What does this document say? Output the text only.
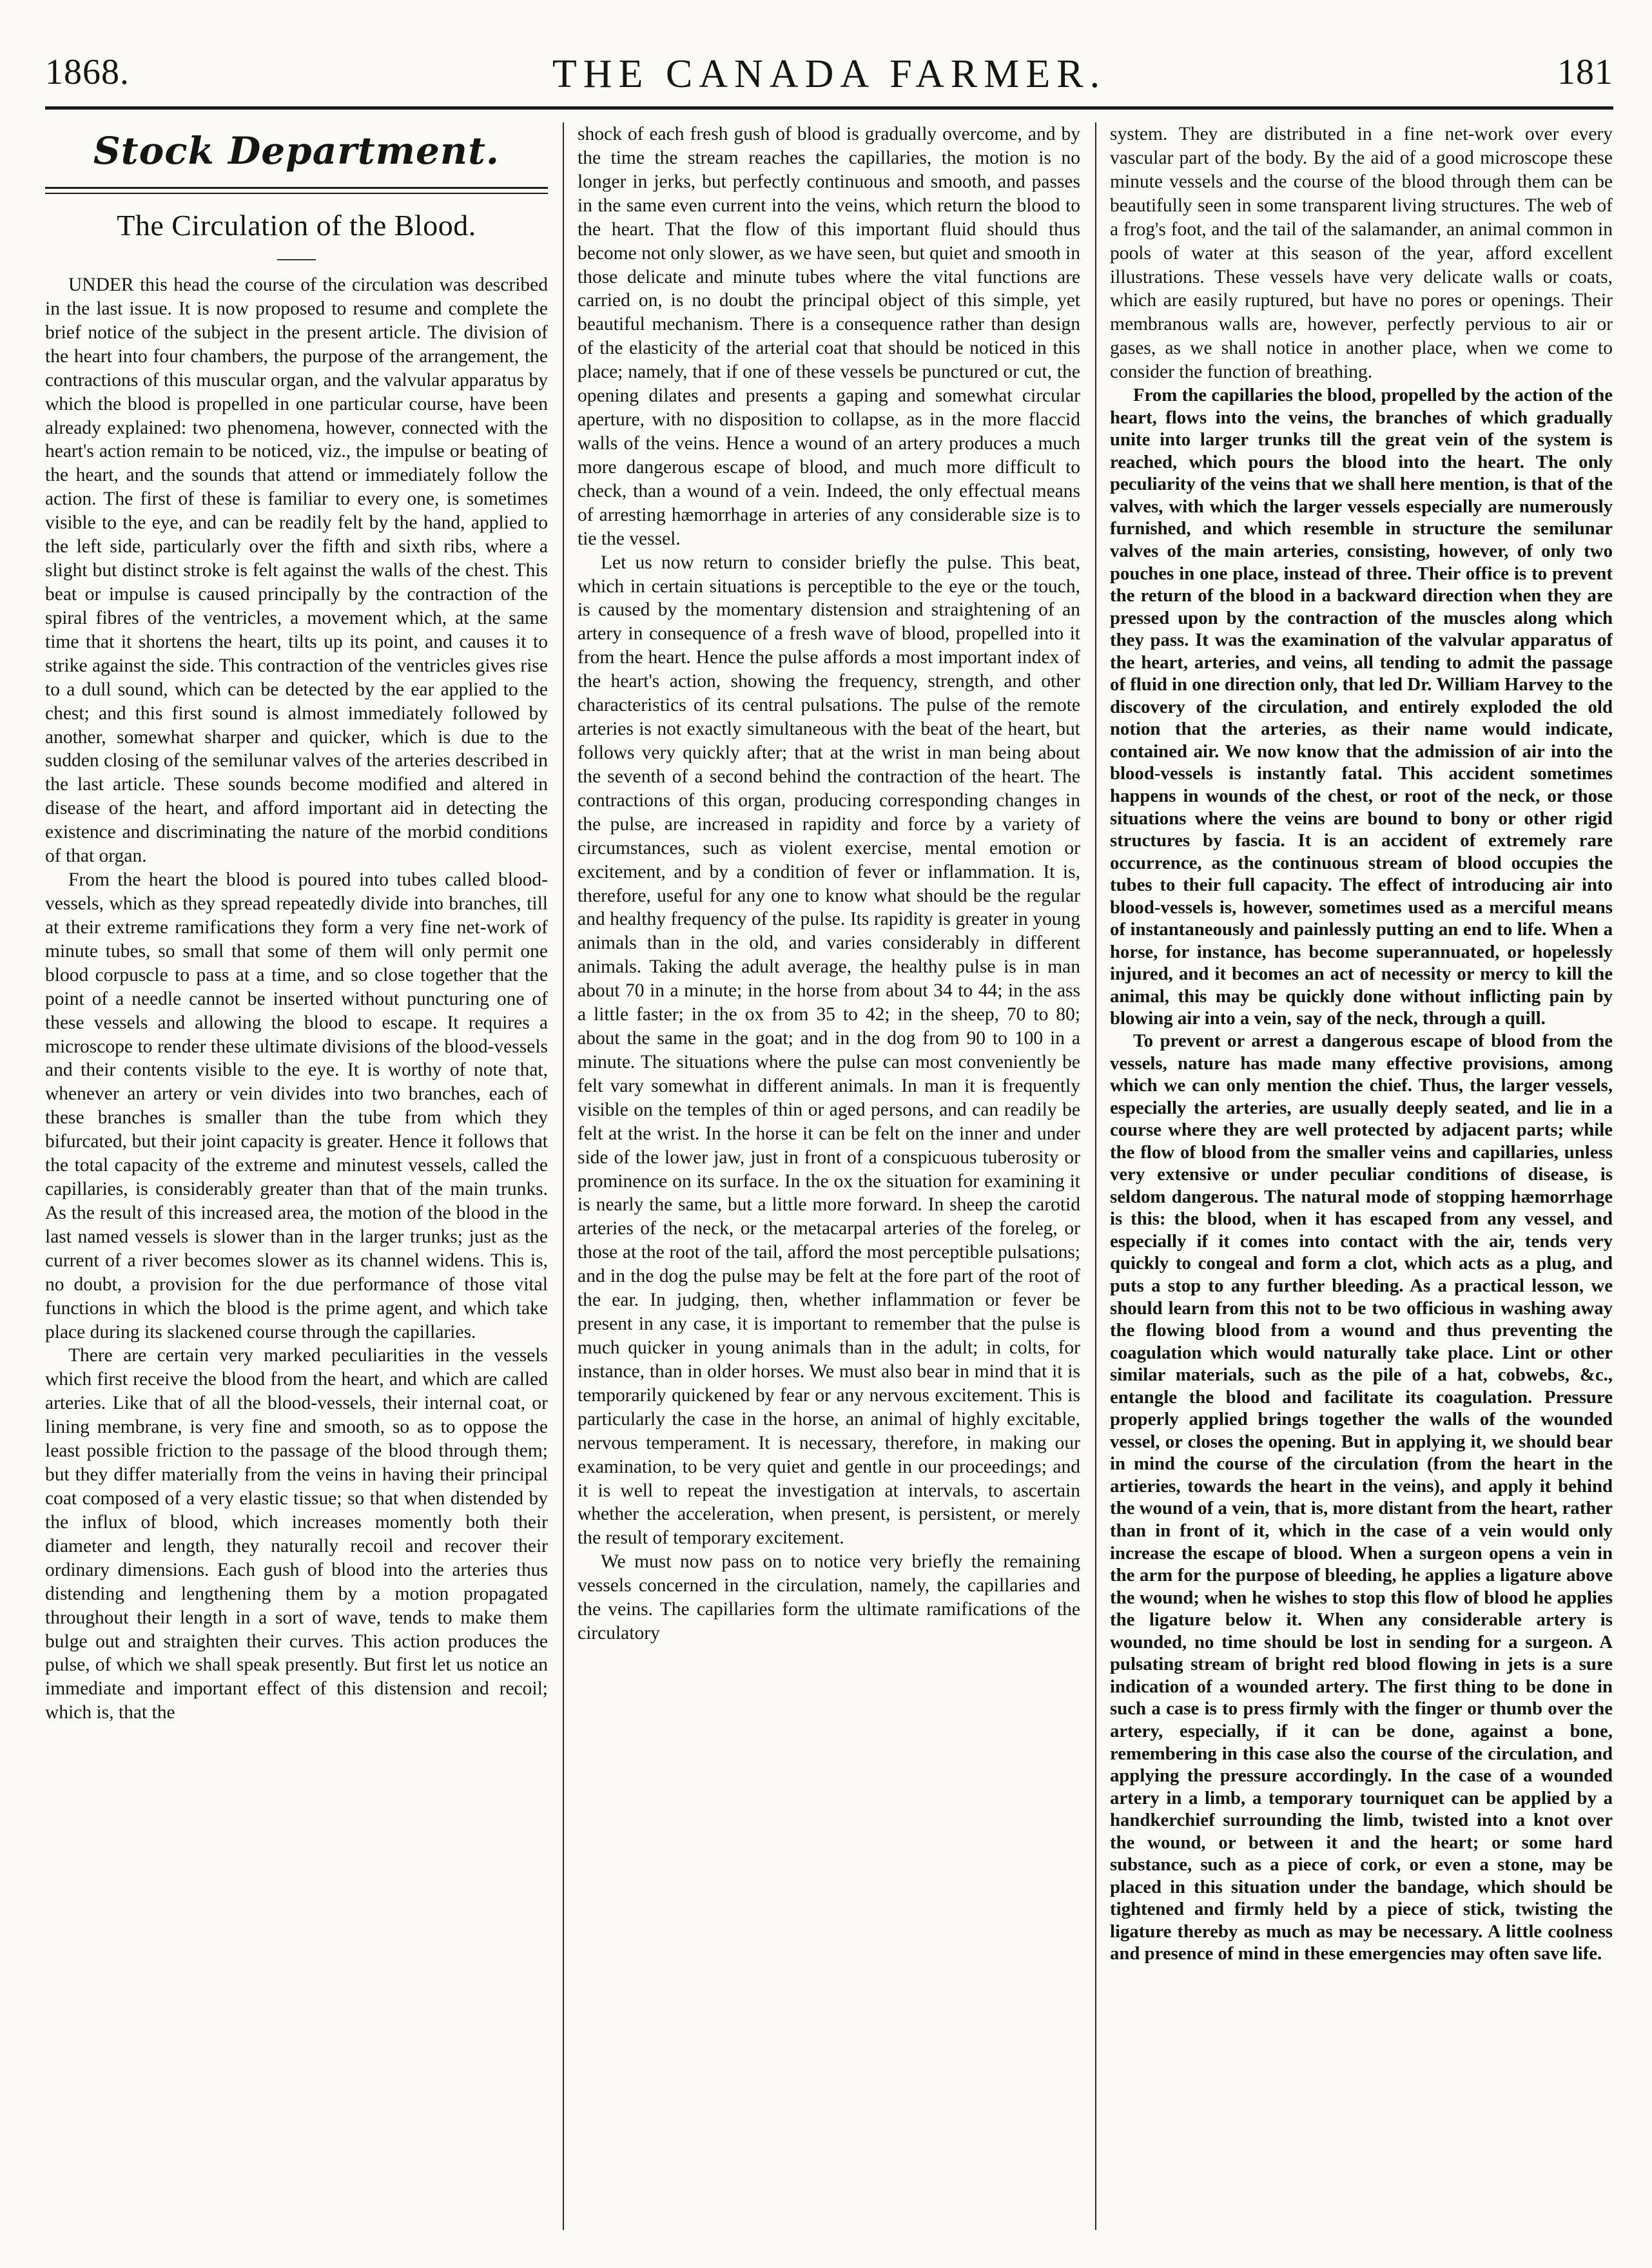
1868.	THE CANADA FARMER.	181
Stock Department.
The Circulation of the Blood.

UNDER this head the course of the circulation was described in the last issue. It is now proposed to resume and complete the brief notice of the subject in the present article. The division of the heart into four chambers, the purpose of the arrangement, the contractions of this muscular organ, and the valvular apparatus by which the blood is propelled in one particular course, have been already explained: two phenomena, however, connected with the heart's action remain to be noticed, viz., the impulse or beating of the heart, and the sounds that attend or immediately follow the action. The first of these is familiar to every one, is sometimes visible to the eye, and can be readily felt by the hand, applied to the left side, particularly over the fifth and sixth ribs, where a slight but distinct stroke is felt against the walls of the chest. This beat or impulse is caused principally by the contraction of the spiral fibres of the ventricles, a movement which, at the same time that it shortens the heart, tilts up its point, and causes it to strike against the side. This contraction of the ventricles gives rise to a dull sound, which can be detected by the ear applied to the chest; and this first sound is almost immediately followed by another, somewhat sharper and quicker, which is due to the sudden closing of the semilunar valves of the arteries described in the last article. These sounds become modified and altered in disease of the heart, and afford important aid in detecting the existence and discriminating the nature of the morbid conditions of that organ.

From the heart the blood is poured into tubes called blood-vessels, which as they spread repeatedly divide into branches, till at their extreme ramifications they form a very fine net-work of minute tubes, so small that some of them will only permit one blood corpuscle to pass at a time, and so close together that the point of a needle cannot be inserted without puncturing one of these vessels and allowing the blood to escape. It requires a microscope to render these ultimate divisions of the blood-vessels and their contents visible to the eye. It is worthy of note that, whenever an artery or vein divides into two branches, each of these branches is smaller than the tube from which they bifurcated, but their joint capacity is greater. Hence it follows that the total capacity of the extreme and minutest vessels, called the capillaries, is considerably greater than that of the main trunks. As the result of this increased area, the motion of the blood in the last named vessels is slower than in the larger trunks; just as the current of a river becomes slower as its channel widens. This is, no doubt, a provision for the due performance of those vital functions in which the blood is the prime agent, and which take place during its slackened course through the capillaries.

There are certain very marked peculiarities in the vessels which first receive the blood from the heart, and which are called arteries. Like that of all the blood-vessels, their internal coat, or lining membrane, is very fine and smooth, so as to oppose the least possible friction to the passage of the blood through them; but they differ materially from the veins in having their principal coat composed of a very elastic tissue; so that when distended by the influx of blood, which increases momently both their diameter and length, they naturally recoil and recover their ordinary dimensions. Each gush of blood into the arteries thus distending and lengthening them by a motion propagated throughout their length in a sort of wave, tends to make them bulge out and straighten their curves. This action produces the pulse, of which we shall speak presently. But first let us notice an immediate and important effect of this distension and recoil; which is, that the

shock of each fresh gush of blood is gradually overcome, and by the time the stream reaches the capillaries, the motion is no longer in jerks, but perfectly continuous and smooth, and passes in the same even current into the veins, which return the blood to the heart. That the flow of this important fluid should thus become not only slower, as we have seen, but quiet and smooth in those delicate and minute tubes where the vital functions are carried on, is no doubt the principal object of this simple, yet beautiful mechanism. There is a consequence rather than design of the elasticity of the arterial coat that should be noticed in this place; namely, that if one of these vessels be punctured or cut, the opening dilates and presents a gaping and somewhat circular aperture, with no disposition to collapse, as in the more flaccid walls of the veins. Hence a wound of an artery produces a much more dangerous escape of blood, and much more difficult to check, than a wound of a vein. Indeed, the only effectual means of arresting hæmorrhage in arteries of any considerable size is to tie the vessel.

Let us now return to consider briefly the pulse. This beat, which in certain situations is perceptible to the eye or the touch, is caused by the momentary distension and straightening of an artery in consequence of a fresh wave of blood, propelled into it from the heart. Hence the pulse affords a most important index of the heart's action, showing the frequency, strength, and other characteristics of its central pulsations. The pulse of the remote arteries is not exactly simultaneous with the beat of the heart, but follows very quickly after; that at the wrist in man being about the seventh of a second behind the contraction of the heart. The contractions of this organ, producing corresponding changes in the pulse, are increased in rapidity and force by a variety of circumstances, such as violent exercise, mental emotion or excitement, and by a condition of fever or inflammation. It is, therefore, useful for any one to know what should be the regular and healthy frequency of the pulse. Its rapidity is greater in young animals than in the old, and varies considerably in different animals. Taking the adult average, the healthy pulse is in man about 70 in a minute; in the horse from about 34 to 44; in the ass a little faster; in the ox from 35 to 42; in the sheep, 70 to 80; about the same in the goat; and in the dog from 90 to 100 in a minute. The situations where the pulse can most conveniently be felt vary somewhat in different animals. In man it is frequently visible on the temples of thin or aged persons, and can readily be felt at the wrist. In the horse it can be felt on the inner and under side of the lower jaw, just in front of a conspicuous tuberosity or prominence on its surface. In the ox the situation for examining it is nearly the same, but a little more forward. In sheep the carotid arteries of the neck, or the metacarpal arteries of the foreleg, or those at the root of the tail, afford the most perceptible pulsations; and in the dog the pulse may be felt at the fore part of the root of the ear. In judging, then, whether inflammation or fever be present in any case, it is important to remember that the pulse is much quicker in young animals than in the adult; in colts, for instance, than in older horses. We must also bear in mind that it is temporarily quickened by fear or any nervous excitement. This is particularly the case in the horse, an animal of highly excitable, nervous temperament. It is necessary, therefore, in making our examination, to be very quiet and gentle in our proceedings; and it is well to repeat the investigation at intervals, to ascertain whether the acceleration, when present, is persistent, or merely the result of temporary excitement.

We must now pass on to notice very briefly the remaining vessels concerned in the circulation, namely, the capillaries and the veins. The capillaries form the ultimate ramifications of the circulatory

system. They are distributed in a fine net-work over every vascular part of the body. By the aid of a good microscope these minute vessels and the course of the blood through them can be beautifully seen in some transparent living structures. The web of a frog's foot, and the tail of the salamander, an animal common in pools of water at this season of the year, afford excellent illustrations. These vessels have very delicate walls or coats, which are easily ruptured, but have no pores or openings. Their membranous walls are, however, perfectly pervious to air or gases, as we shall notice in another place, when we come to consider the function of breathing.

From the capillaries the blood, propelled by the action of the heart, flows into the veins, the branches of which gradually unite into larger trunks till the great vein of the system is reached, which pours the blood into the heart. The only peculiarity of the veins that we shall here mention, is that of the valves, with which the larger vessels especially are numerously furnished, and which resemble in structure the semilunar valves of the main arteries, consisting, however, of only two pouches in one place, instead of three. Their office is to prevent the return of the blood in a backward direction when they are pressed upon by the contraction of the muscles along which they pass. It was the examination of the valvular apparatus of the heart, arteries, and veins, all tending to admit the passage of fluid in one direction only, that led Dr. William Harvey to the discovery of the circulation, and entirely exploded the old notion that the arteries, as their name would indicate, contained air. We now know that the admission of air into the blood-vessels is instantly fatal. This accident sometimes happens in wounds of the chest, or root of the neck, or those situations where the veins are bound to bony or other rigid structures by fascia. It is an accident of extremely rare occurrence, as the continuous stream of blood occupies the tubes to their full capacity. The effect of introducing air into blood-vessels is, however, sometimes used as a merciful means of instantaneously and painlessly putting an end to life. When a horse, for instance, has become superannuated, or hopelessly injured, and it becomes an act of necessity or mercy to kill the animal, this may be quickly done without inflicting pain by blowing air into a vein, say of the neck, through a quill.

To prevent or arrest a dangerous escape of blood from the vessels, nature has made many effective provisions, among which we can only mention the chief. Thus, the larger vessels, especially the arteries, are usually deeply seated, and lie in a course where they are well protected by adjacent parts; while the flow of blood from the smaller veins and capillaries, unless very extensive or under peculiar conditions of disease, is seldom dangerous. The natural mode of stopping hæmorrhage is this: the blood, when it has escaped from any vessel, and especially if it comes into contact with the air, tends very quickly to congeal and form a clot, which acts as a plug, and puts a stop to any further bleeding. As a practical lesson, we should learn from this not to be two officious in washing away the flowing blood from a wound and thus preventing the coagulation which would naturally take place. Lint or other similar materials, such as the pile of a hat, cobwebs, &c., entangle the blood and facilitate its coagulation. Pressure properly applied brings together the walls of the wounded vessel, or closes the opening. But in applying it, we should bear in mind the course of the circulation (from the heart in the artieries, towards the heart in the veins), and apply it behind the wound of a vein, that is, more distant from the heart, rather than in front of it, which in the case of a vein would only increase the escape of blood. When a surgeon opens a vein in the arm for the purpose of bleeding, he applies a ligature above the wound; when he wishes to stop this flow of blood he applies the ligature below it. When any considerable artery is wounded, no time should be lost in sending for a surgeon. A pulsating stream of bright red blood flowing in jets is a sure indication of a wounded artery. The first thing to be done in such a case is to press firmly with the finger or thumb over the artery, especially, if it can be done, against a bone, remembering in this case also the course of the circulation, and applying the pressure accordingly. In the case of a wounded artery in a limb, a temporary tourniquet can be applied by a handkerchief surrounding the limb, twisted into a knot over the wound, or between it and the heart; or some hard substance, such as a piece of cork, or even a stone, may be placed in this situation under the bandage, which should be tightened and firmly held by a piece of stick, twisting the ligature thereby as much as may be necessary. A little coolness and presence of mind in these emergencies may often save life.
